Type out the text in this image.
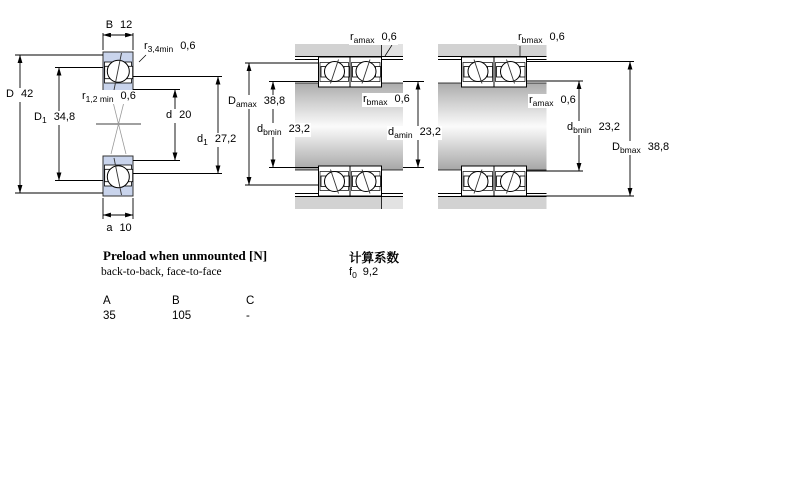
B 12
$r_{3,4min}$ 0,6
D 42
$D_1$ 34,8
$r_{1,2 min}$ 0,6
d 20
$d_1$ 27,2
a 10
$r_{amax}$ 0,6
$D_{amax}$ 38,8	$r_{bmax}$ 0,6
$d_{bmin}$ 23,2	$d_{amin}$ 23,2
$r_{bmax}$ 0,6
$r_{amax}$ 0,6
$d_{bmin}$ 23,2
$D_{bmax}$ 38,8
Preload when unmounted [N]
back-to-back, face-to-face
计算系数
$f_0$ 9,2
A	B	C
35	105	-
